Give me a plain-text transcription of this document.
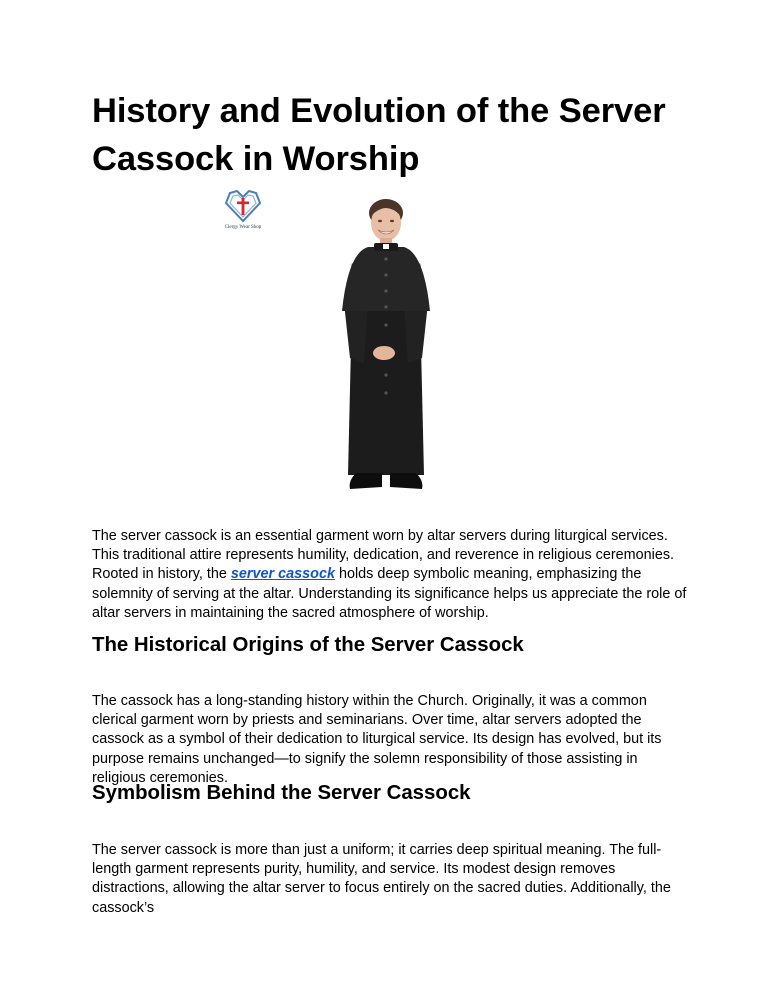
History and Evolution of the Server Cassock in Worship
Clergy Wear Shop

The server cassock is an essential garment worn by altar servers during liturgical services. This traditional attire represents humility, dedication, and reverence in religious ceremonies. Rooted in history, the server cassock holds deep symbolic meaning, emphasizing the solemnity of serving at the altar. Understanding its significance helps us appreciate the role of altar servers in maintaining the sacred atmosphere of worship.

The Historical Origins of the Server Cassock

The cassock has a long-standing history within the Church. Originally, it was a common clerical garment worn by priests and seminarians. Over time, altar servers adopted the cassock as a symbol of their dedication to liturgical service. Its design has evolved, but its purpose remains unchanged—to signify the solemn responsibility of those assisting in religious ceremonies.

Symbolism Behind the Server Cassock

The server cassock is more than just a uniform; it carries deep spiritual meaning. The full-length garment represents purity, humility, and service. Its modest design removes distractions, allowing the altar server to focus entirely on the sacred duties. Additionally, the cassock’s
